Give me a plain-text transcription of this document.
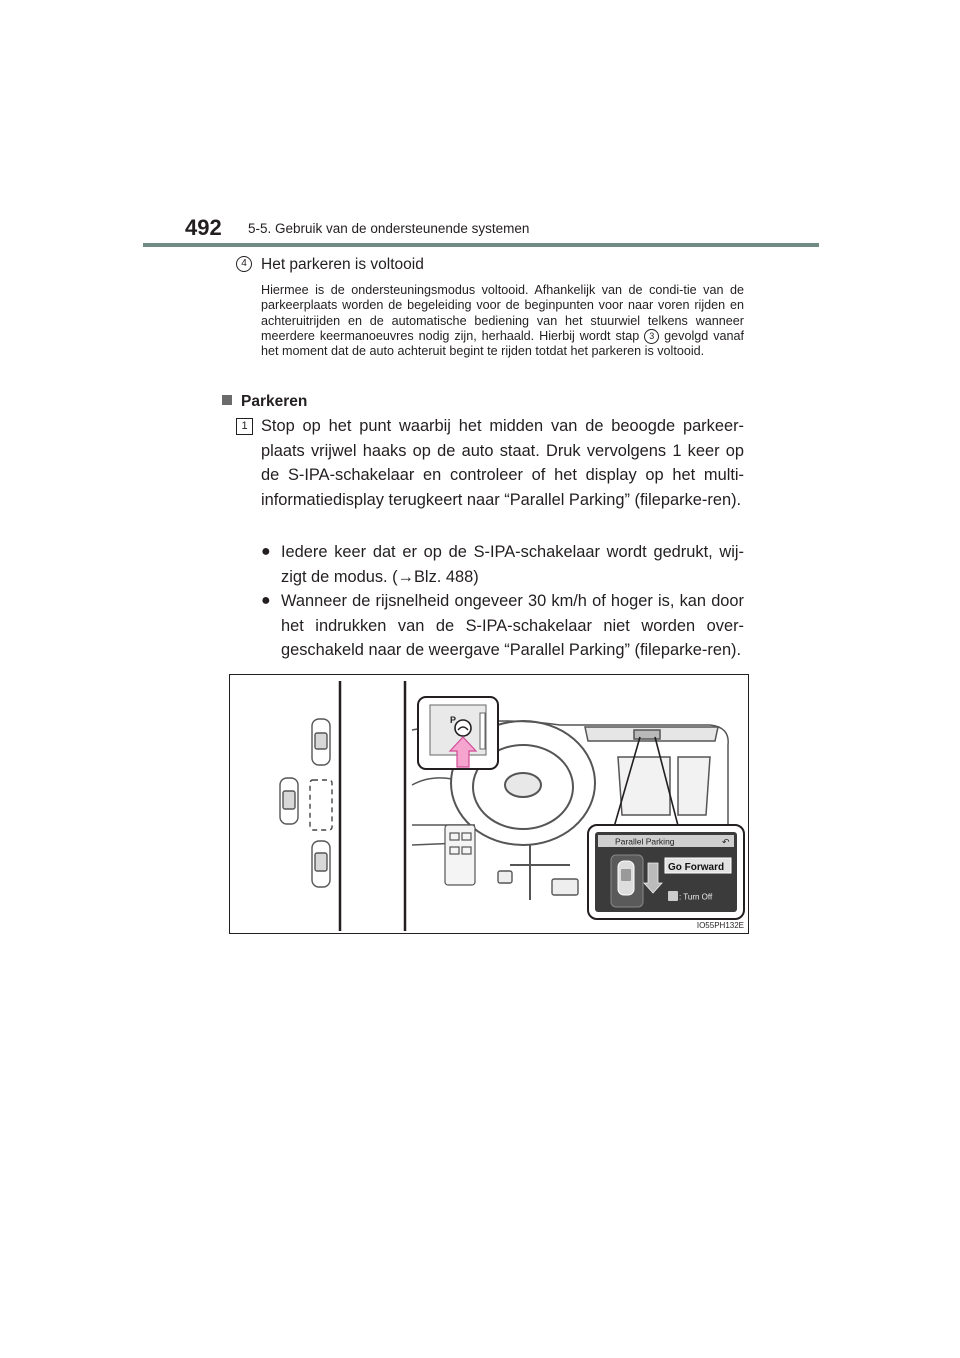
492 5-5. Gebruik van de ondersteunende systemen
4 Het parkeren is voltooid
Hiermee is de ondersteuningsmodus voltooid. Afhankelijk van de condi-tie van de parkeerplaats worden de begeleiding voor de beginpunten voor naar voren rijden en achteruitrijden en de automatische bediening van het stuurwiel telkens wanneer meerdere keermanoeuvres nodig zijn, herhaald. Hierbij wordt stap 3 gevolgd vanaf het moment dat de auto achteruit begint te rijden totdat het parkeren is voltooid.
Parkeren
1 Stop op het punt waarbij het midden van de beoogde parkeer-plaats vrijwel haaks op de auto staat. Druk vervolgens 1 keer op de S-IPA-schakelaar en controleer of het display op het multi-informatiedisplay terugkeert naar “Parallel Parking” (fileparke-ren).
● Iedere keer dat er op de S-IPA-schakelaar wordt gedrukt, wij-zigt de modus. (→Blz. 488)
● Wanneer de rijsnelheid ongeveer 30 km/h of hoger is, kan door het indrukken van de S-IPA-schakelaar niet worden over-geschakeld naar de weergave “Parallel Parking” (fileparke-ren).
P
Parallel Parking	↶
Go Forward
: Turn Off
IO55PH132E
